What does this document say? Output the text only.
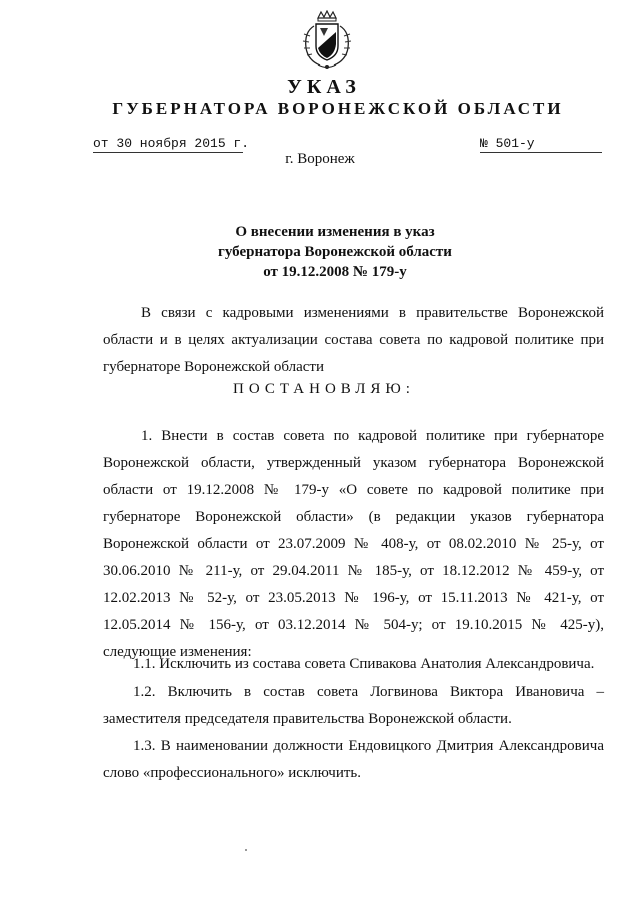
УКАЗ
ГУБЕРНАТОРА ВОРОНЕЖСКОЙ ОБЛАСТИ
от 30 ноября 2015 г.	№ 501-у
г. Воронеж
О внесении изменения в указ
губернатора Воронежской области
от 19.12.2008 № 179-у
В связи с кадровыми изменениями в правительстве Воронежской области и в целях актуализации состава совета по кадровой политике при губернаторе Воронежской области
ПОСТАНОВЛЯЮ:
1. Внести в состав совета по кадровой политике при губернаторе Воронежской области, утвержденный указом губернатора Воронежской области от 19.12.2008 № 179-у «О совете по кадровой политике при губернаторе Воронежской области» (в редакции указов губернатора Воронежской области от 23.07.2009 № 408-у, от 08.02.2010 № 25-у, от 30.06.2010 № 211-у, от 29.04.2011 № 185-у, от 18.12.2012 № 459-у, от 12.02.2013 № 52-у, от 23.05.2013 № 196-у, от 15.11.2013 № 421-у, от 12.05.2014 № 156-у, от 03.12.2014 № 504-у; от 19.10.2015 № 425-у), следующие изменения:
1.1. Исключить из состава совета Спивакова Анатолия Александровича.
1.2. Включить в состав совета Логвинова Виктора Ивановича – заместителя председателя правительства Воронежской области.
1.3. В наименовании должности Ендовицкого Дмитрия Александровича слово «профессионального» исключить.
